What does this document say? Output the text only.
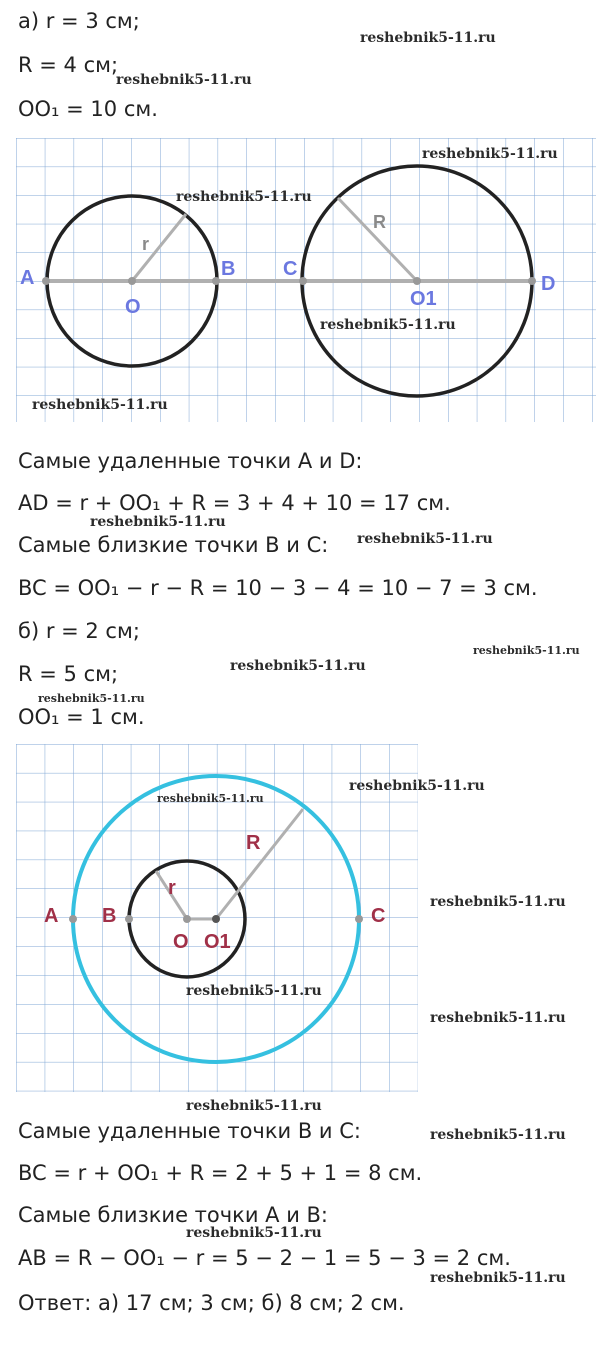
а) r = 3 см;
R = 4 см;
OO₁ = 10 см.
A
O
B C
O1
D
r
R
Самые удаленные точки A и D:
AD = r + OO₁ + R = 3 + 4 + 10 = 17 см.
Самые близкие точки B и C:
BC = OO₁ − r − R = 10 − 3 − 4 = 10 − 7 = 3 см.
б) r = 2 см;
R = 5 см;
OO₁ = 1 см.
A B
O O1
C
r
R
Самые удаленные точки B и C:
BC = r + OO₁ + R = 2 + 5 + 1 = 8 см.
Самые близкие точки A и B:
AB = R − OO₁ − r = 5 − 2 − 1 = 5 − 3 = 2 см.
Ответ: а) 17 см; 3 см; б) 8 см; 2 см.
reshebnik5-11.ru
reshebnik5-11.ru
reshebnik5-11.ru
reshebnik5-11.ru
reshebnik5-11.ru
reshebnik5-11.ru
reshebnik5-11.ru
reshebnik5-11.ru
reshebnik5-11.ru
reshebnik5-11.ru
reshebnik5-11.ru
reshebnik5-11.ru
reshebnik5-11.ru
reshebnik5-11.ru
reshebnik5-11.ru
reshebnik5-11.ru
reshebnik5-11.ru
reshebnik5-11.ru
reshebnik5-11.ru
reshebnik5-11.ru
